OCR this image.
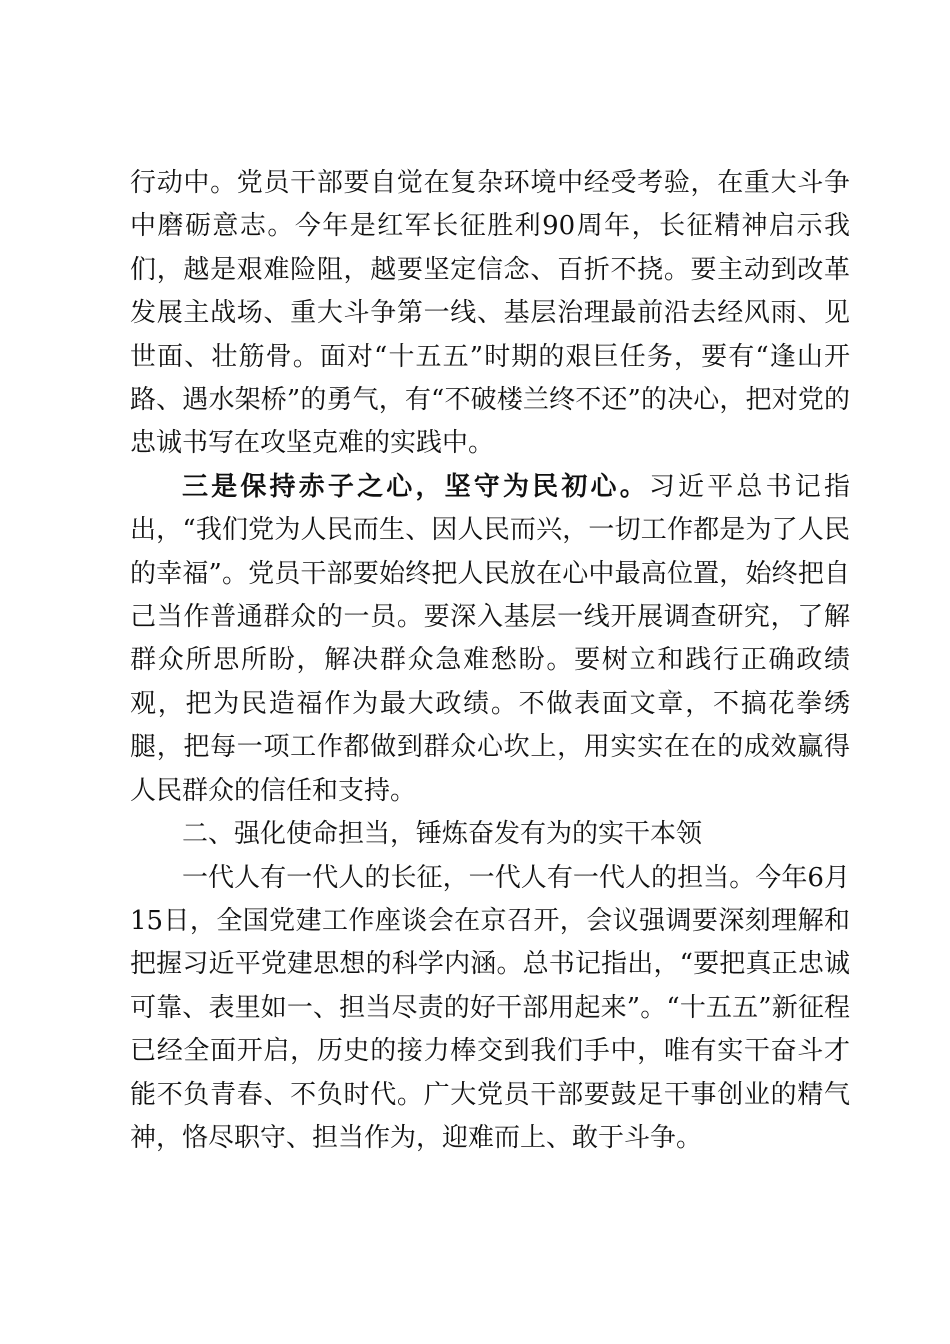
行动中。党员干部要自觉在复杂环境中经受考验，在重大斗争中磨砺意志。今年是红军长征胜利90周年，长征精神启示我们，越是艰难险阻，越要坚定信念、百折不挠。要主动到改革发展主战场、重大斗争第一线、基层治理最前沿去经风雨、见世面、壮筋骨。面对“十五五”时期的艰巨任务，要有“逢山开路、遇水架桥”的勇气，有“不破楼兰终不还”的决心，把对党的忠诚书写在攻坚克难的实践中。

三是保持赤子之心，坚守为民初心。习近平总书记指出，“我们党为人民而生、因人民而兴，一切工作都是为了人民的幸福”。党员干部要始终把人民放在心中最高位置，始终把自己当作普通群众的一员。要深入基层一线开展调查研究，了解群众所思所盼，解决群众急难愁盼。要树立和践行正确政绩观，把为民造福作为最大政绩。不做表面文章，不搞花拳绣腿，把每一项工作都做到群众心坎上，用实实在在的成效赢得人民群众的信任和支持。

二、强化使命担当，锤炼奋发有为的实干本领

一代人有一代人的长征，一代人有一代人的担当。今年6月15日，全国党建工作座谈会在京召开，会议强调要深刻理解和把握习近平党建思想的科学内涵。总书记指出，“要把真正忠诚可靠、表里如一、担当尽责的好干部用起来”。“十五五”新征程已经全面开启，历史的接力棒交到我们手中，唯有实干奋斗才能不负青春、不负时代。广大党员干部要鼓足干事创业的精气神，恪尽职守、担当作为，迎难而上、敢于斗争。
